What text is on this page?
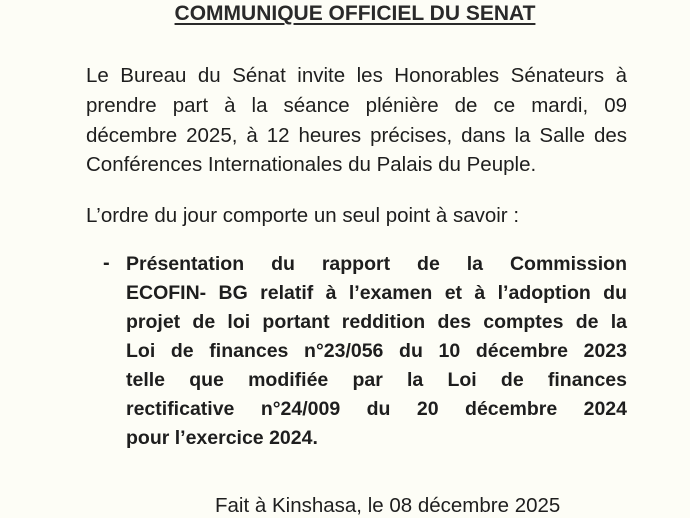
COMMUNIQUE OFFICIEL DU SENAT
Le Bureau du Sénat invite les Honorables Sénateurs à
prendre part à la séance plénière de ce mardi, 09
décembre 2025, à 12 heures précises, dans la Salle des
Conférences Internationales du Palais du Peuple.
L’ordre du jour comporte un seul point à savoir :
- Présentation du rapport de la Commission
ECOFIN- BG relatif à l’examen et à l’adoption du
projet de loi portant reddition des comptes de la
Loi de finances n°23/056 du 10 décembre 2023
telle que modifiée par la Loi de finances
rectificative n°24/009 du 20 décembre 2024
pour l’exercice 2024.
Fait à Kinshasa, le 08 décembre 2025
